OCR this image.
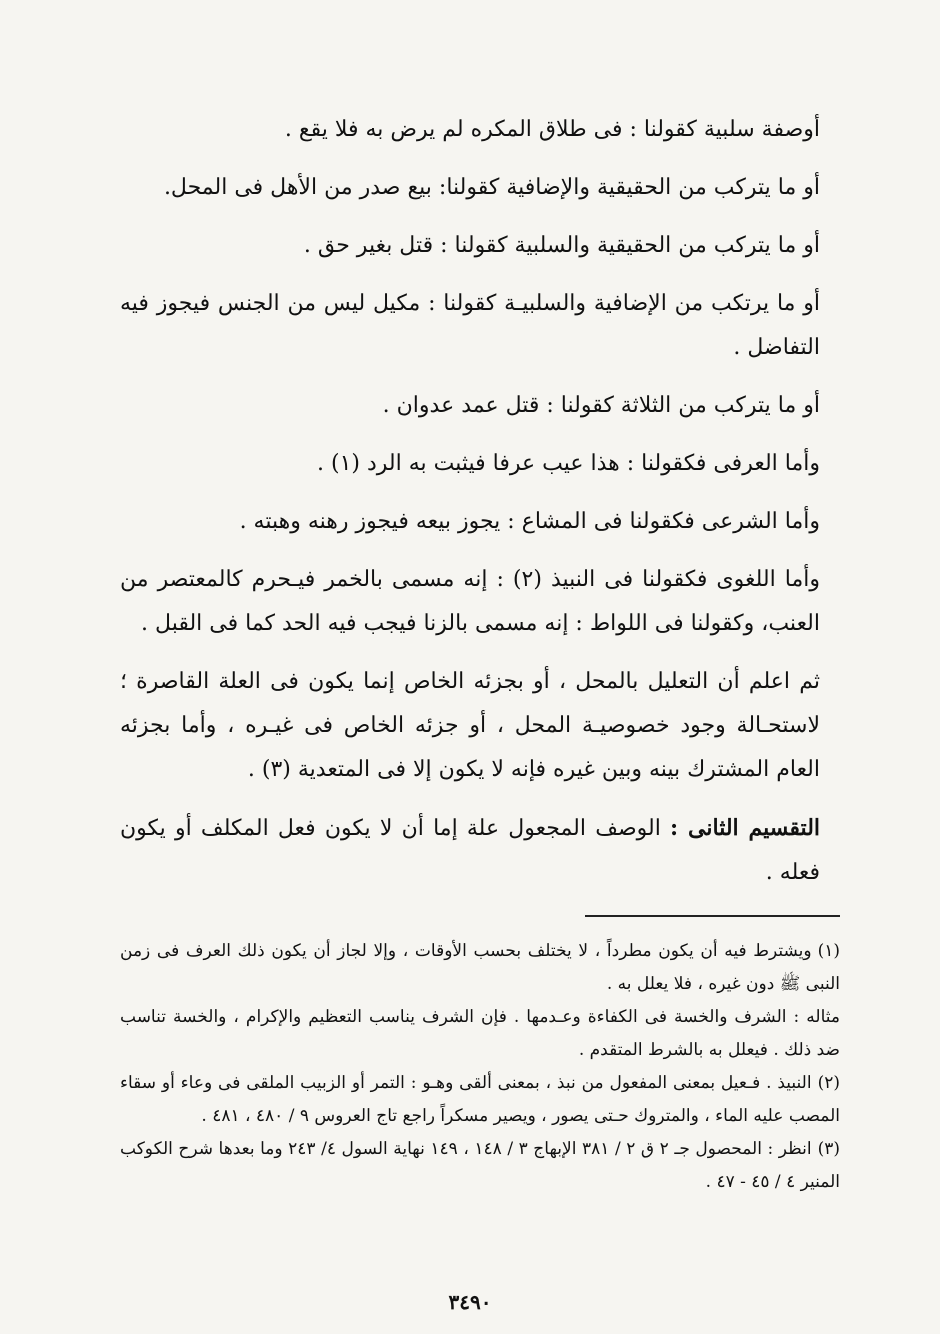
أوصفة سلبية كقولنا : فى طلاق المكره لم يرض به فلا يقع .

أو ما يتركب من الحقيقية والإضافية كقولنا: بيع صدر من الأهل فى المحل.

أو ما يتركب من الحقيقية والسلبية كقولنا : قتل بغير حق .

أو ما يرتكب من الإضافية والسلبيـة كقولنا : مكيل ليس من الجنس فيجوز فيه التفاضل .

أو ما يتركب من الثلاثة كقولنا : قتل عمد عدوان .

وأما العرفى فكقولنا : هذا عيب عرفا فيثبت به الرد (١) .

وأما الشرعى فكقولنا فى المشاع : يجوز بيعه فيجوز رهنه وهبته .

وأما اللغوى فكقولنا فى النبيذ (٢) : إنه مسمى بالخمر فيـحرم كالمعتصر من العنب، وكقولنا فى اللواط : إنه مسمى بالزنا فيجب فيه الحد كما فى القبل .

ثم اعلم أن التعليل بالمحل ، أو بجزئه الخاص إنما يكون فى العلة القاصرة ؛ لاستحـالة وجود خصوصيـة المحل ، أو جزئه الخاص فى غيـره ، وأما بجزئه العام المشترك بينه وبين غيره فإنه لا يكون إلا فى المتعدية (٣) .

التقسيم الثانى : الوصف المجعول علة إما أن لا يكون فعل المكلف أو يكون فعله .

(١)ويشترط فيه أن يكون مطرداً ، لا يختلف بحسب الأوقات ، وإلا لجاز أن يكون ذلك العرف فى زمن النبى ﷺ دون غيره ، فلا يعلل به .

مثاله : الشرف والخسة فى الكفاءة وعـدمها . فإن الشرف يناسب التعظيم والإكرام ، والخسة تناسب ضد ذلك . فيعلل به بالشرط المتقدم .

(٢)النبيذ . فـعيل بمعنى المفعول من نبذ ، بمعنى ألقى وهـو : التمر أو الزبيب الملقى فى وعاء أو سقاء المصب عليه الماء ، والمتروك حـتى يصور ، ويصير مسكراً راجع تاج العروس ٩ / ٤٨٠ ، ٤٨١ .

(٣)انظر : المحصول جـ ٢ ق ٢ / ٣٨١ الإبهاج ٣ / ١٤٨ ، ١٤٩ نهاية السول ٤/ ٢٤٣ وما بعدها شرح الكوكب المنير ٤ / ٤٥ - ٤٧ .

٣٤٩٠
